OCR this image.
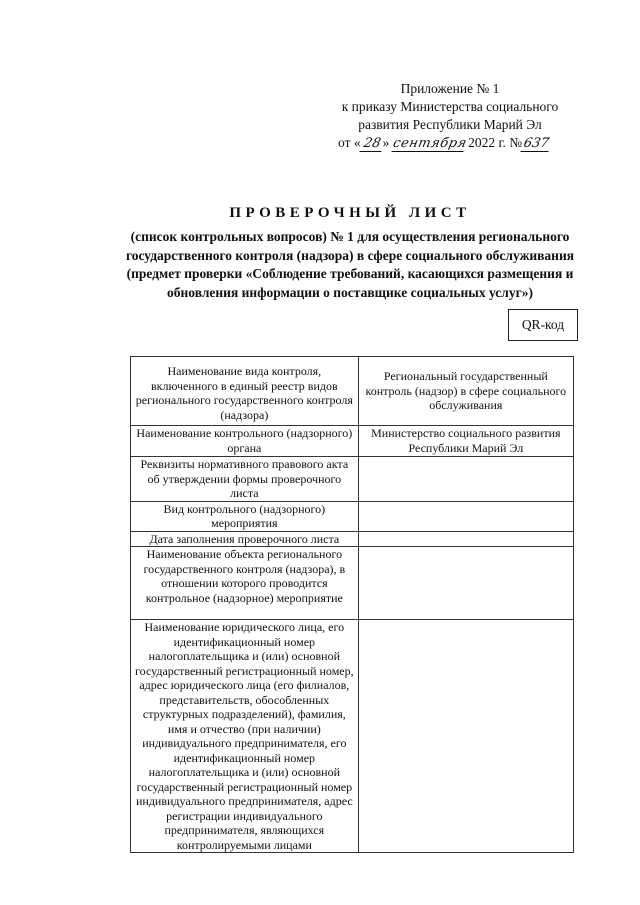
Приложение № 1
к приказу Министерства социального
развития Республики Марий Эл
от «28» сентября 2022 г. №637
ПРОВЕРОЧНЫЙ ЛИСТ
(список контрольных вопросов) № 1 для осуществления регионального государственного контроля (надзора) в сфере социального обслуживания (предмет проверки «Соблюдение требований, касающихся размещения и обновления информации о поставщике социальных услуг»)
QR-код
Наименование вида контроля, включенного в единый реестр видов регионального государственного контроля (надзора)	Региональный государственный контроль (надзор) в сфере социального обслуживания
Наименование контрольного (надзорного) органа	Министерство социального развития Республики Марий Эл
Реквизиты нормативного правового акта об утверждении формы проверочного листа	
Вид контрольного (надзорного) мероприятия	
Дата заполнения проверочного листа	
Наименование объекта регионального государственного контроля (надзора), в отношении которого проводится контрольное (надзорное) мероприятие	
Наименование юридического лица, его идентификационный номер налогоплательщика и (или) основной государственный регистрационный номер, адрес юридического лица (его филиалов, представительств, обособленных структурных подразделений), фамилия, имя и отчество (при наличии) индивидуального предпринимателя, его идентификационный номер налогоплательщика и (или) основной государственный регистрационный номер индивидуального предпринимателя, адрес регистрации индивидуального предпринимателя, являющихся контролируемыми лицами	
